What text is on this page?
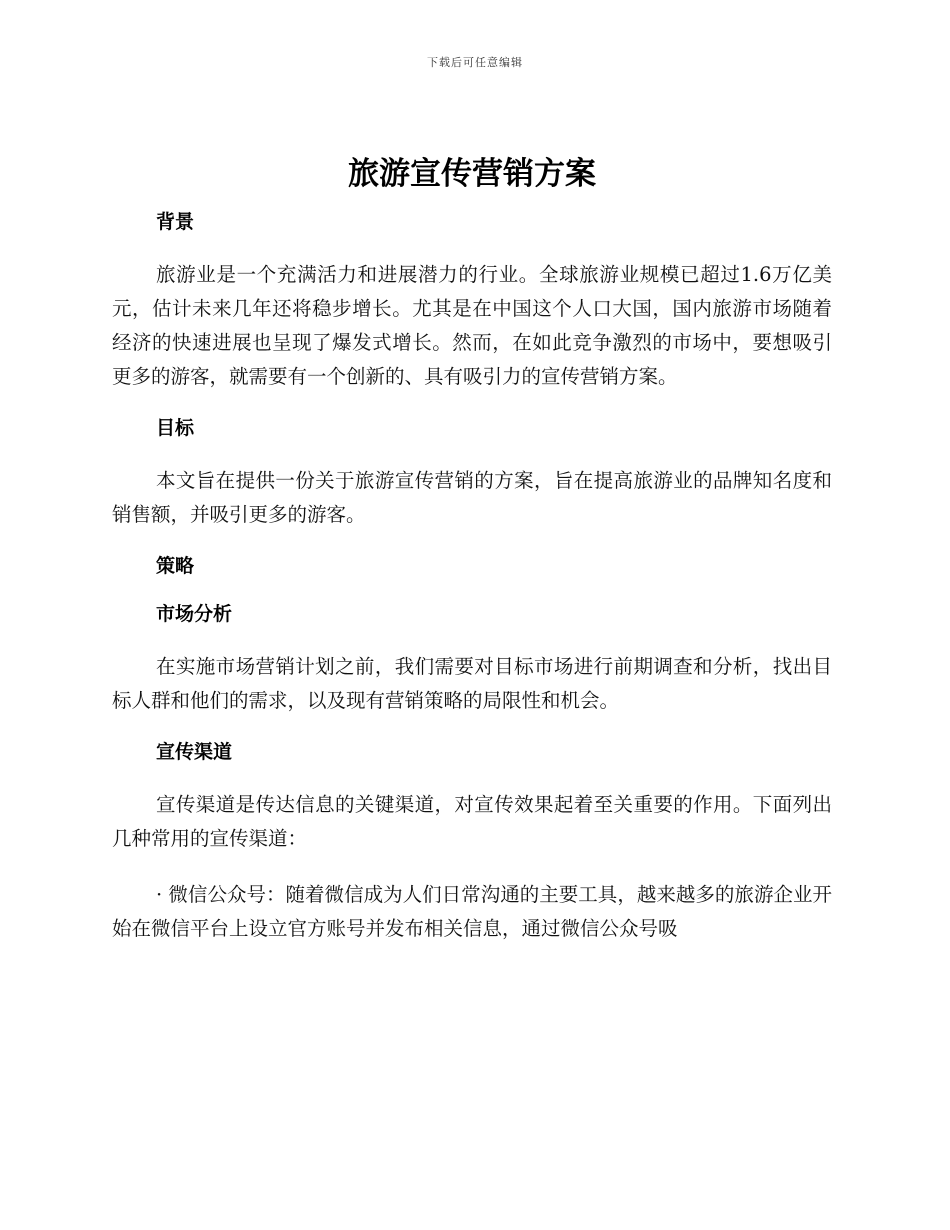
下载后可任意编辑
旅游宣传营销方案
背景

旅游业是一个充满活力和进展潜力的行业。全球旅游业规模已超过1.6万亿美元，估计未来几年还将稳步增长。尤其是在中国这个人口大国，国内旅游市场随着经济的快速进展也呈现了爆发式增长。然而，在如此竞争激烈的市场中，要想吸引更多的游客，就需要有一个创新的、具有吸引力的宣传营销方案。

目标

本文旨在提供一份关于旅游宣传营销的方案，旨在提高旅游业的品牌知名度和销售额，并吸引更多的游客。

策略
市场分析

在实施市场营销计划之前，我们需要对目标市场进行前期调查和分析，找出目标人群和他们的需求，以及现有营销策略的局限性和机会。

宣传渠道

宣传渠道是传达信息的关键渠道，对宣传效果起着至关重要的作用。下面列出几种常用的宣传渠道：

· 微信公众号：随着微信成为人们日常沟通的主要工具，越来越多的旅游企业开始在微信平台上设立官方账号并发布相关信息，通过微信公众号吸
